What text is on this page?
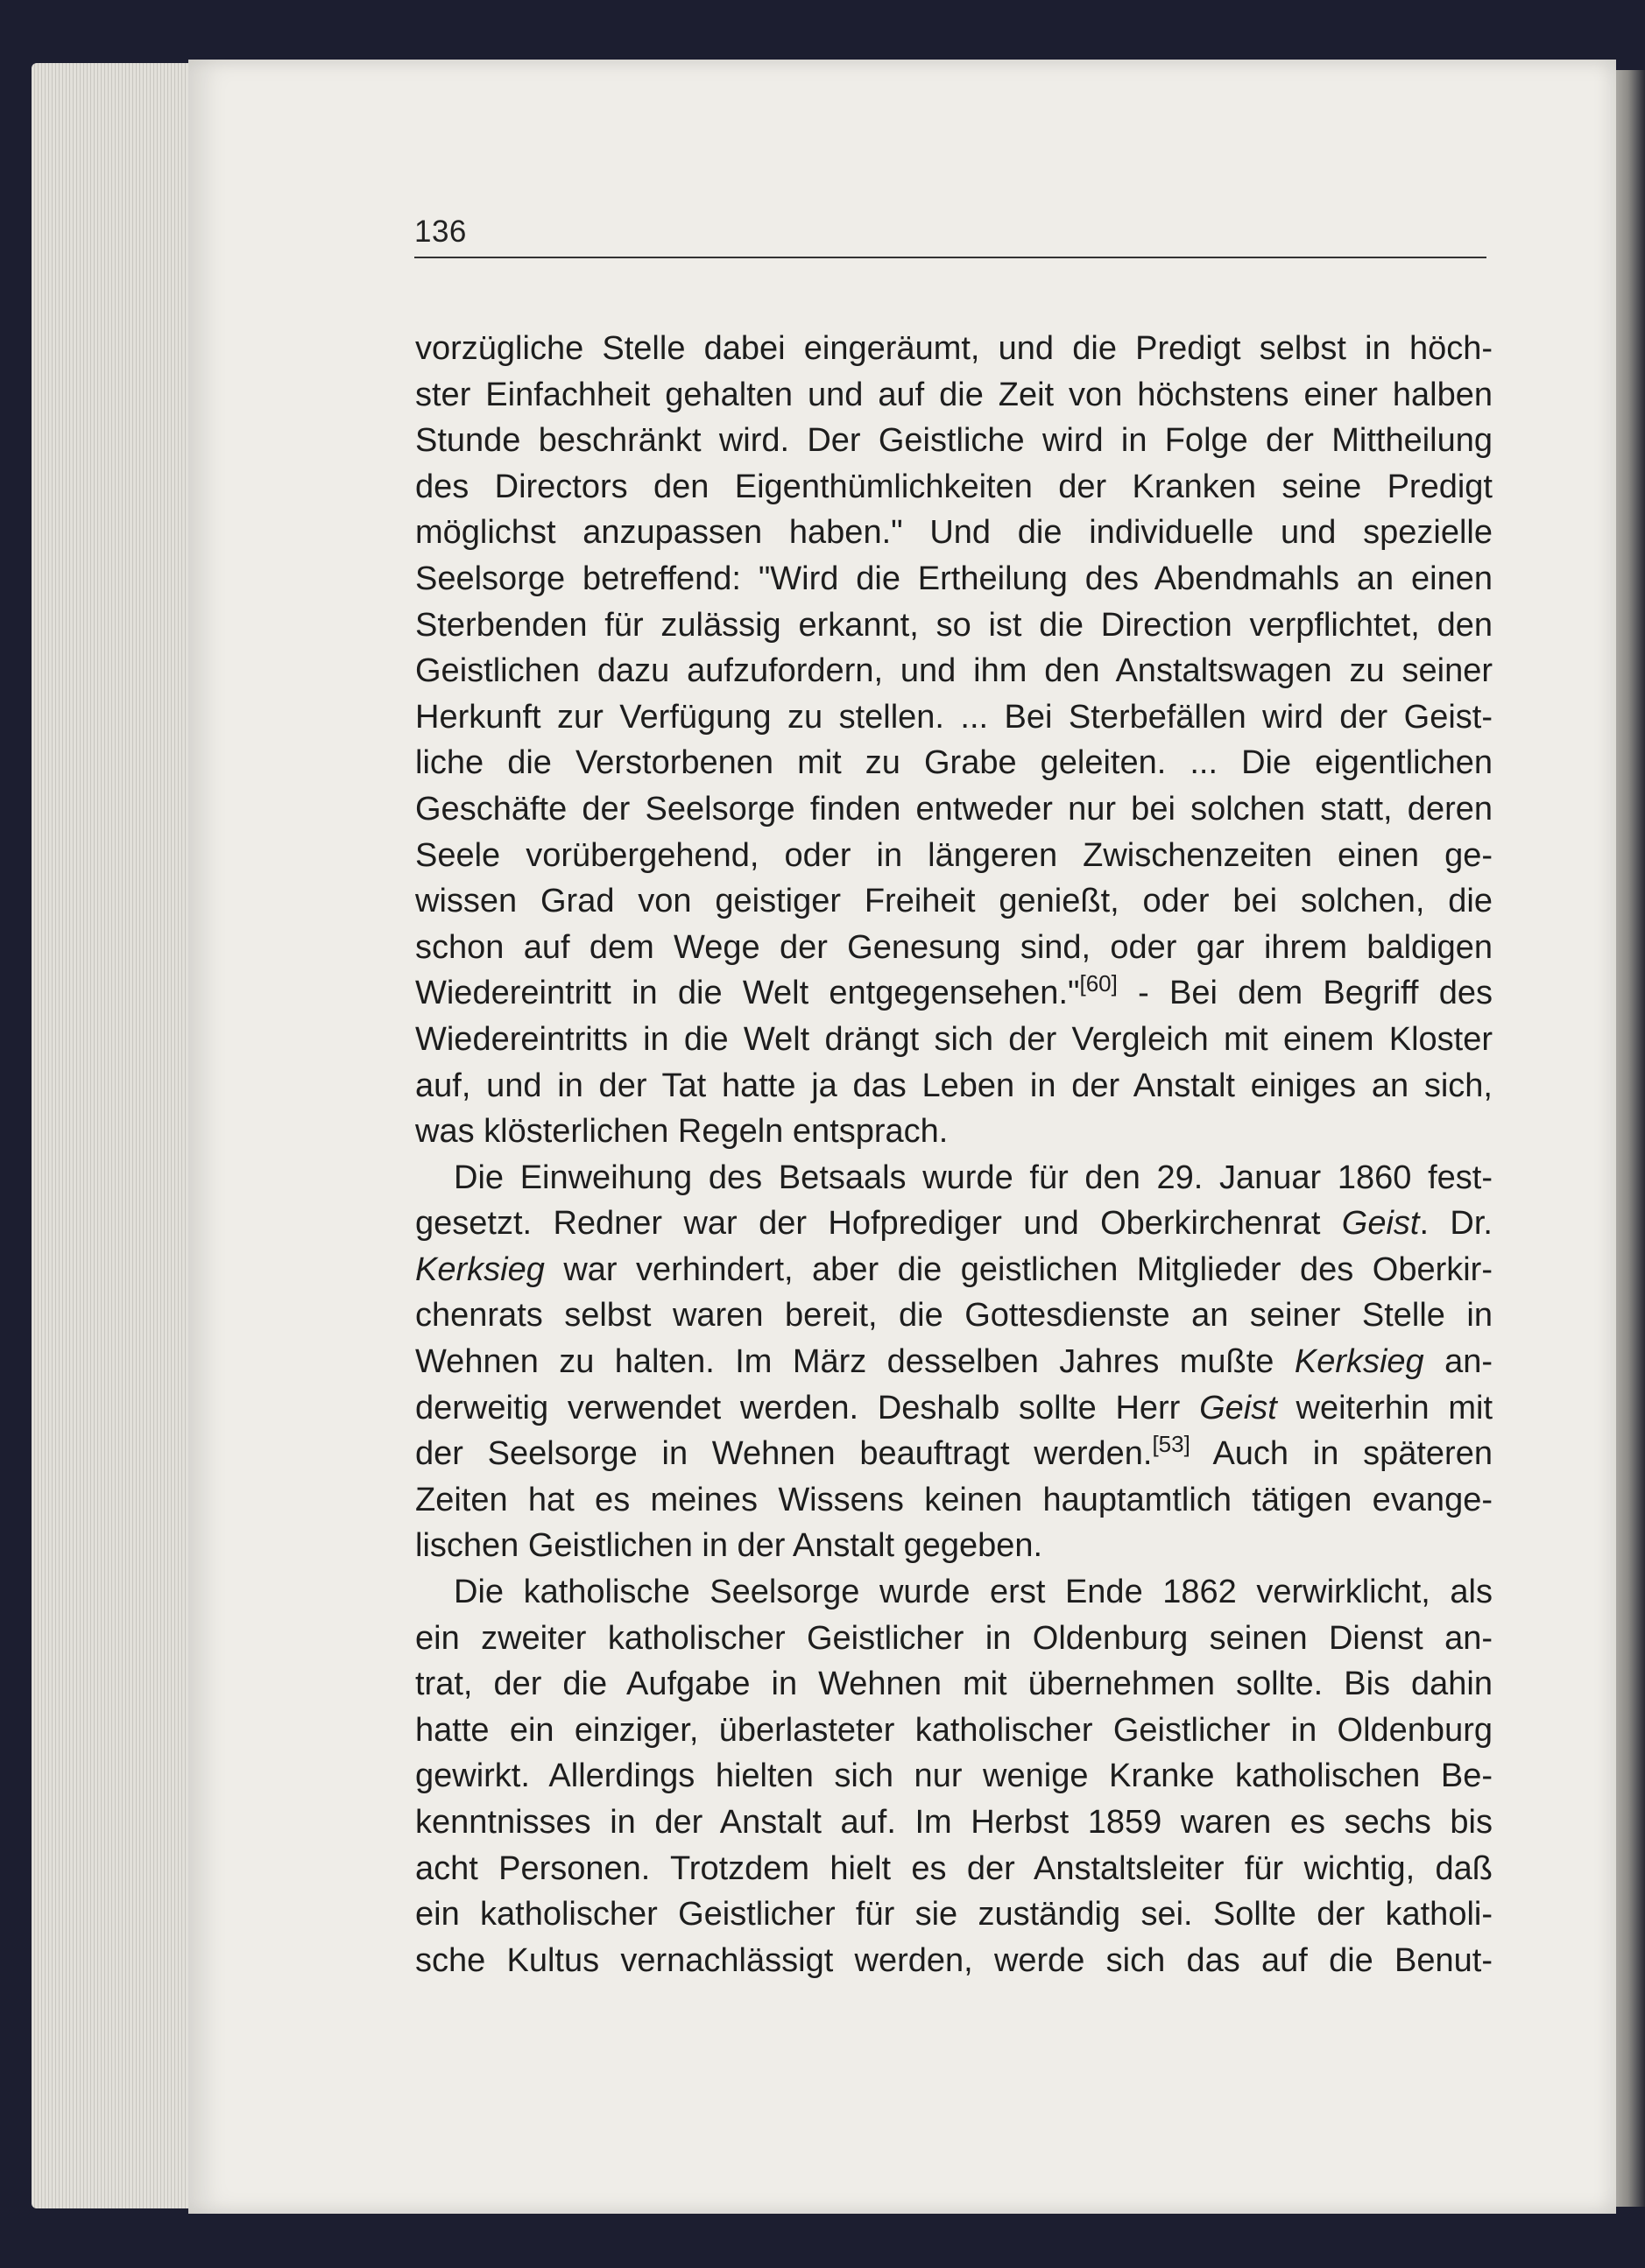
136
vorzügliche Stelle dabei eingeräumt, und die Predigt selbst in höch-
ster Einfachheit gehalten und auf die Zeit von höchstens einer halben
Stunde beschränkt wird. Der Geistliche wird in Folge der Mittheilung
des Directors den Eigenthümlichkeiten der Kranken seine Predigt
möglichst anzupassen haben." Und die individuelle und spezielle
Seelsorge betreffend: "Wird die Ertheilung des Abendmahls an einen
Sterbenden für zulässig erkannt, so ist die Direction verpflichtet, den
Geistlichen dazu aufzufordern, und ihm den Anstaltswagen zu seiner
Herkunft zur Verfügung zu stellen. ... Bei Sterbefällen wird der Geist-
liche die Verstorbenen mit zu Grabe geleiten. ... Die eigentlichen
Geschäfte der Seelsorge finden entweder nur bei solchen statt, deren
Seele vorübergehend, oder in längeren Zwischenzeiten einen ge-
wissen Grad von geistiger Freiheit genießt, oder bei solchen, die
schon auf dem Wege der Genesung sind, oder gar ihrem baldigen
Wiedereintritt in die Welt entgegensehen."[60] - Bei dem Begriff des
Wiedereintritts in die Welt drängt sich der Vergleich mit einem Kloster
auf, und in der Tat hatte ja das Leben in der Anstalt einiges an sich,
was klösterlichen Regeln entsprach.
Die Einweihung des Betsaals wurde für den 29. Januar 1860 fest-
gesetzt. Redner war der Hofprediger und Oberkirchenrat Geist. Dr.
Kerksieg war verhindert, aber die geistlichen Mitglieder des Oberkir-
chenrats selbst waren bereit, die Gottesdienste an seiner Stelle in
Wehnen zu halten. Im März desselben Jahres mußte Kerksieg an-
derweitig verwendet werden. Deshalb sollte Herr Geist weiterhin mit
der Seelsorge in Wehnen beauftragt werden.[53] Auch in späteren
Zeiten hat es meines Wissens keinen hauptamtlich tätigen evange-
lischen Geistlichen in der Anstalt gegeben.
Die katholische Seelsorge wurde erst Ende 1862 verwirklicht, als
ein zweiter katholischer Geistlicher in Oldenburg seinen Dienst an-
trat, der die Aufgabe in Wehnen mit übernehmen sollte. Bis dahin
hatte ein einziger, überlasteter katholischer Geistlicher in Oldenburg
gewirkt. Allerdings hielten sich nur wenige Kranke katholischen Be-
kenntnisses in der Anstalt auf. Im Herbst 1859 waren es sechs bis
acht Personen. Trotzdem hielt es der Anstaltsleiter für wichtig, daß
ein katholischer Geistlicher für sie zuständig sei. Sollte der katholi-
sche Kultus vernachlässigt werden, werde sich das auf die Benut-
